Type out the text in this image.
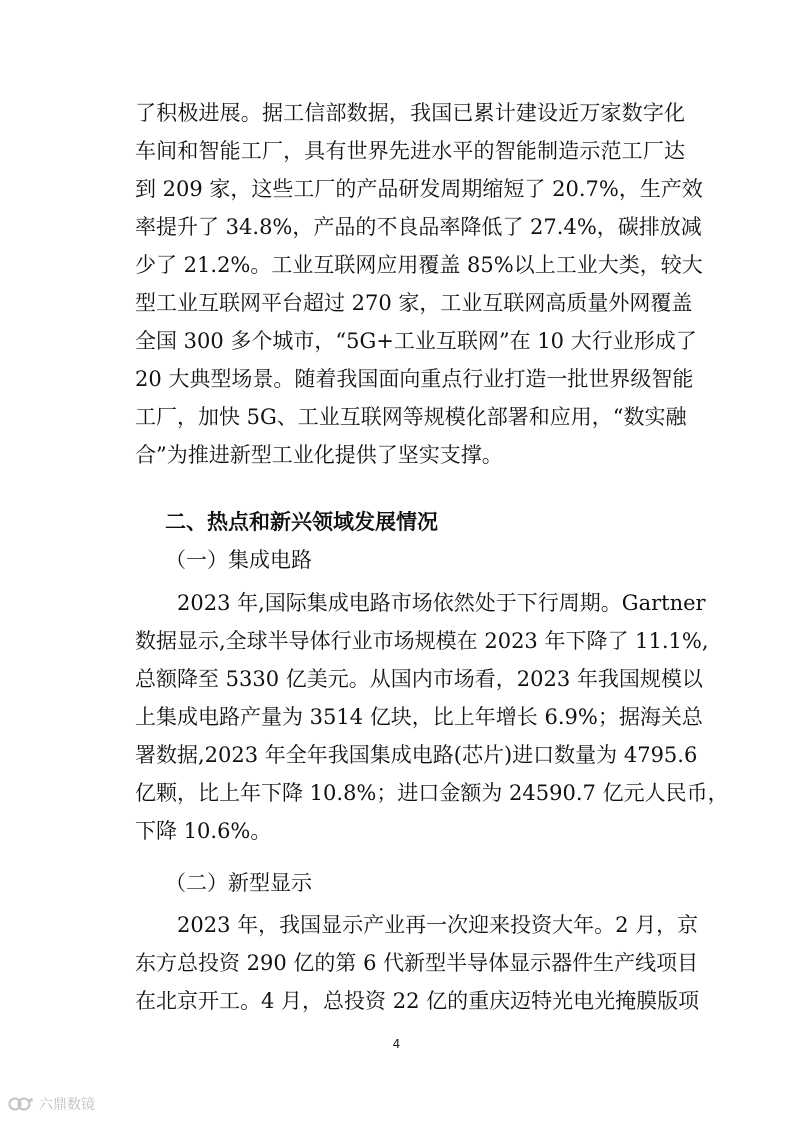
了积极进展。据工信部数据，我国已累计建设近万家数字化
车间和智能工厂，具有世界先进水平的智能制造示范工厂达
到 209 家，这些工厂的产品研发周期缩短了 20.7%，生产效
率提升了 34.8%，产品的不良品率降低了 27.4%，碳排放减
少了 21.2%。工业互联网应用覆盖 85%以上工业大类，较大
型工业互联网平台超过 270 家，工业互联网高质量外网覆盖
全国 300 多个城市，“5G+工业互联网”在 10 大行业形成了
20 大典型场景。随着我国面向重点行业打造一批世界级智能
工厂，加快 5G、工业互联网等规模化部署和应用，“数实融
合”为推进新型工业化提供了坚实支撑。
二、热点和新兴领域发展情况
（一）集成电路
　　2023 年,国际集成电路市场依然处于下行周期。Gartner
数据显示,全球半导体行业市场规模在 2023 年下降了 11.1%,
总额降至 5330 亿美元。从国内市场看，2023 年我国规模以
上集成电路产量为 3514 亿块，比上年增长 6.9%；据海关总
署数据,2023 年全年我国集成电路(芯片)进口数量为 4795.6
亿颗，比上年下降 10.8%；进口金额为 24590.7 亿元人民币，
下降 10.6%。
（二）新型显示
　　2023 年，我国显示产业再一次迎来投资大年。2 月，京
东方总投资 290 亿的第 6 代新型半导体显示器件生产线项目
在北京开工。4 月，总投资 22 亿的重庆迈特光电光掩膜版项
4
六鼎数镜
